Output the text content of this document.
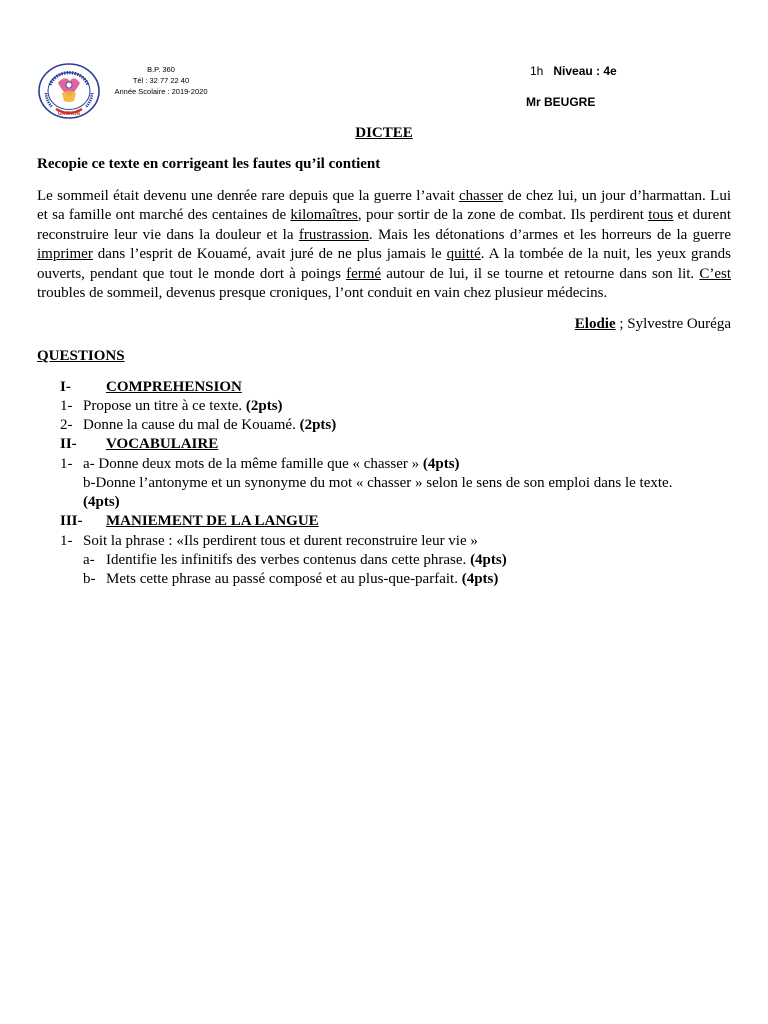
GAGNOA
B.P. 360
Tél : 32 77 22 40
Année Scolaire : 2019-2020
1h Niveau : 4e
Mr BEUGRE
DICTEE
Recopie ce texte en corrigeant les fautes qu’il contient
Le sommeil était devenu une denrée rare depuis que la guerre l’avait chasser de chez lui, un jour d’harmattan. Lui et sa famille ont marché des centaines de kilomaîtres, pour sortir de la zone de combat. Ils perdirent tous et durent reconstruire leur vie dans la douleur et la frustrassion. Mais les détonations d’armes et les horreurs de la guerre imprimer dans l’esprit de Kouamé, avait juré de ne plus jamais le quitté. A la tombée de la nuit, les yeux grands ouverts, pendant que tout le monde dort à poings fermé autour de lui, il se tourne et retourne dans son lit. C’est troubles de sommeil, devenus presque croniques, l’ont conduit en vain chez plusieur médecins.
Elodie ; Sylvestre Ouréga
QUESTIONS
I- COMPREHENSION
1- Propose un titre à ce texte. (2pts)
2- Donne la cause du mal de Kouamé. (2pts)
II- VOCABULAIRE
1- a- Donne deux mots de la même famille que « chasser » (4pts)
b-Donne l’antonyme et un synonyme du mot « chasser » selon le sens de son emploi dans le texte.
(4pts)
III- MANIEMENT DE LA LANGUE
1- Soit la phrase : «Ils perdirent tous et durent reconstruire leur vie »
a- Identifie les infinitifs des verbes contenus dans cette phrase. (4pts)
b- Mets cette phrase au passé composé et au plus-que-parfait. (4pts)
